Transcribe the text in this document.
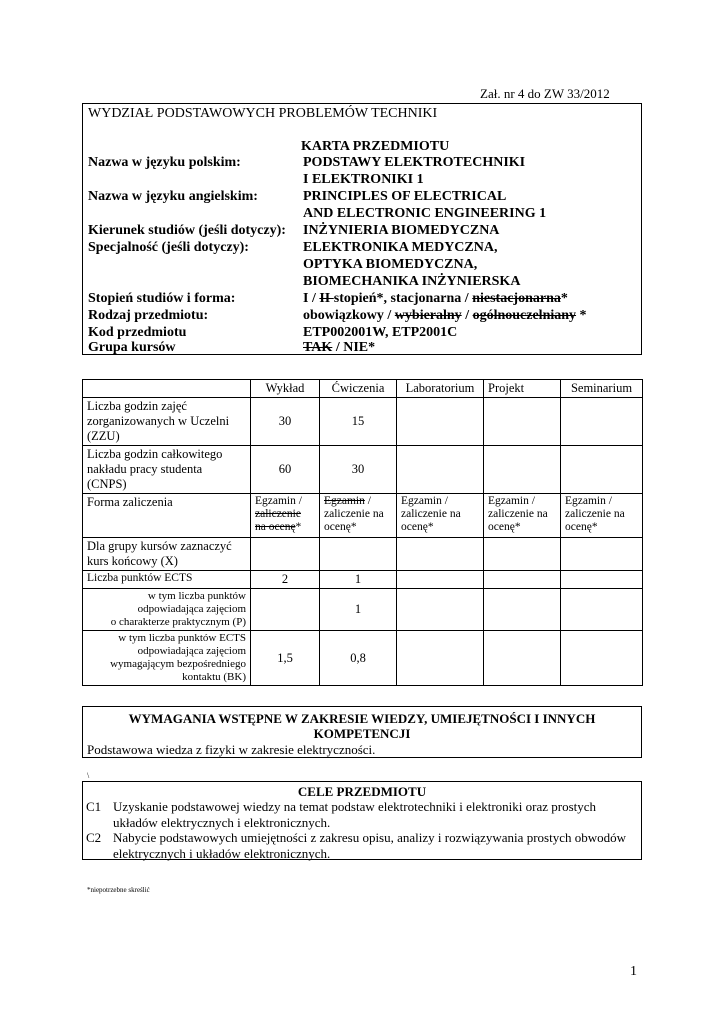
Zał. nr 4 do ZW 33/2012
WYDZIAŁ PODSTAWOWYCH PROBLEMÓW TECHNIKI
KARTA PRZEDMIOTU
Nazwa w języku polskim:	PODSTAWY ELEKTROTECHNIKI
I ELEKTRONIKI 1
Nazwa w języku angielskim:	PRINCIPLES OF ELECTRICAL
AND ELECTRONIC ENGINEERING 1
Kierunek studiów (jeśli dotyczy): INŻYNIERIA BIOMEDYCZNA
Specjalność (jeśli dotyczy):	ELEKTRONIKA MEDYCZNA,
OPTYKA BIOMEDYCZNA,
BIOMECHANIKA INŻYNIERSKA
Stopień studiów i forma:	I / II stopień*, stacjonarna / niestacjonarna*
Rodzaj przedmiotu:	obowiązkowy / wybieralny / ogólnouczelniany *
Kod przedmiotu	ETP002001W, ETP2001C
Grupa kursów	TAK / NIE*
	Wykład	Ćwiczenia	Laboratorium	Projekt	Seminarium
Liczba godzin zajęć
zorganizowanych w Uczelni
(ZZU)	30	15			
Liczba godzin całkowitego
nakładu pracy studenta
(CNPS)	60	30			
Forma zaliczenia	Egzamin /
zaliczenie
na ocenę*	Egzamin /
zaliczenie na
ocenę*	Egzamin /
zaliczenie na
ocenę*	Egzamin /
zaliczenie na
ocenę*	Egzamin /
zaliczenie na
ocenę*
Dla grupy kursów zaznaczyć
kurs końcowy (X)					
Liczba punktów ECTS	2	1			
w tym liczba punktów
odpowiadająca zajęciom
o charakterze praktycznym (P)		1			
w tym liczba punktów ECTS
odpowiadająca zajęciom
wymagającym bezpośredniego
kontaktu (BK)	1,5	0,8			
WYMAGANIA WSTĘPNE W ZAKRESIE WIEDZY, UMIEJĘTNOŚCI I INNYCH
KOMPETENCJI
Podstawowa wiedza z fizyki w zakresie elektryczności.
\
CELE PRZEDMIOTU
C1 Uzyskanie podstawowej wiedzy na temat podstaw elektrotechniki i elektroniki oraz prostych układów elektrycznych i elektronicznych.
C2 Nabycie podstawowych umiejętności z zakresu opisu, analizy i rozwiązywania prostych obwodów elektrycznych i układów elektronicznych.
*niepotrzebne skreślić
1
